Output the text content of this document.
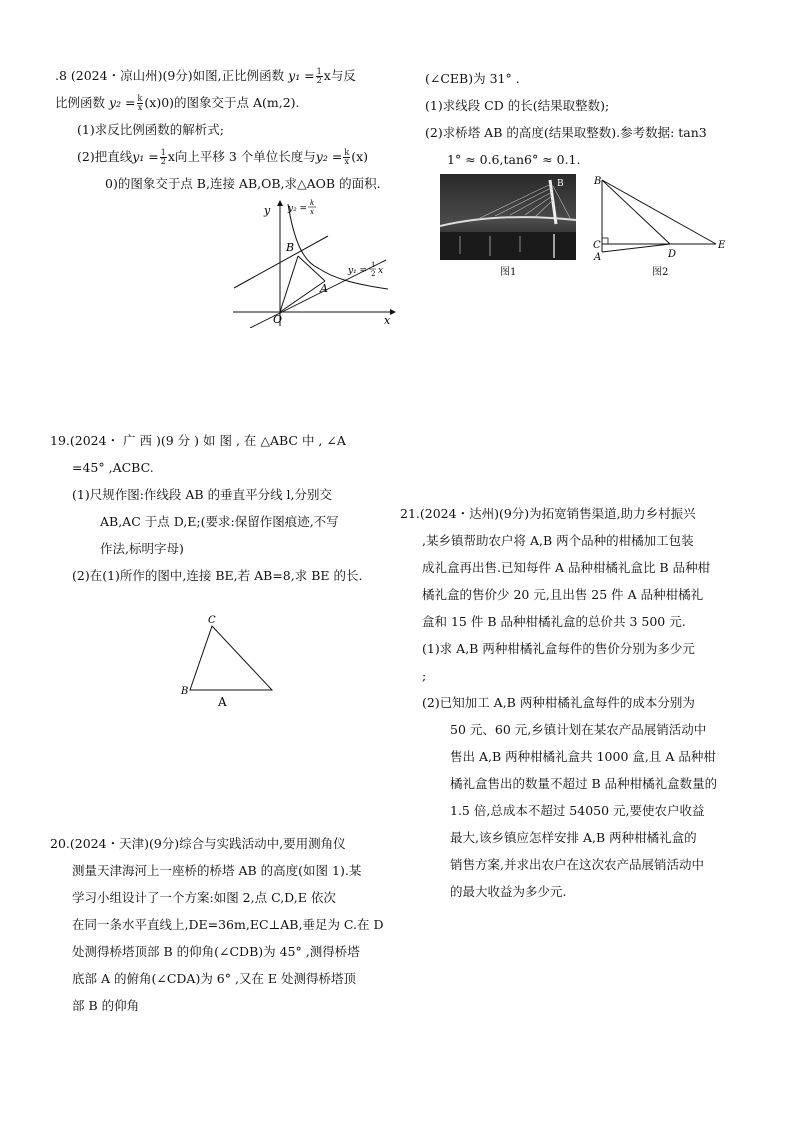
.8 (2024・凉山州)(9分)如图,正比例函数 $y_1 = \frac{1}{2}$ x与反
比例函数 $y_2 = \frac{k}{x} (x)0$)的图象交于点 A(m,2).
(1)求反比例函数的解析式;
(2)把直线$y_1 = \frac{1}{2}$ x向上平移 3 个单位长度与$y_2 = \frac{k}{x} (x)$
0)的图象交于点 B,连接 AB,OB,求△AOB 的面积.
y
x
O
B
A
y₂ =
k
x
y₁ =
1
2 x
(∠CEB)为 31° .
(1)求线段 CD 的长(结果取整数);
(2)求桥塔 AB 的高度(结果取整数).参考数据: tan3
1° ≈ 0.6,tan6° ≈ 0.1.
B
图1
B
C
A	D
E
图2
19.(2024・ 广 西 )(9 分 ) 如 图 , 在 △ABC 中 , ∠A
=45° ,ACBC.
(1)尺规作图:作线段 AB 的垂直平分线 l,分别交
AB,AC 于点 D,E;(要求:保留作图痕迹,不写
作法,标明字母)
(2)在(1)所作的图中,连接 BE,若 AB=8,求 BE 的长.
C
B
A
21.(2024・达州)(9分)为拓宽销售渠道,助力乡村振兴
,某乡镇帮助农户将 A,B 两个品种的柑橘加工包装
成礼盒再出售.已知每件 A 品种柑橘礼盒比 B 品种柑
橘礼盒的售价少 20 元,且出售 25 件 A 品种柑橘礼
盒和 15 件 B 品种柑橘礼盒的总价共 3 500 元.
(1)求 A,B 两种柑橘礼盒每件的售价分别为多少元
;
(2)已知加工 A,B 两种柑橘礼盒每件的成本分别为
50 元、60 元,乡镇计划在某农产品展销活动中
售出 A,B 两种柑橘礼盒共 1000 盒,且 A 品种柑
橘礼盒售出的数量不超过 B 品种柑橘礼盒数量的
1.5 倍,总成本不超过 54050 元,要使农户收益
最大,该乡镇应怎样安排 A,B 两种柑橘礼盒的
销售方案,并求出农户在这次农产品展销活动中
的最大收益为多少元.
20.(2024・天津)(9分)综合与实践活动中,要用测角仪
测量天津海河上一座桥的桥塔 AB 的高度(如图 1).某
学习小组设计了一个方案:如图 2,点 C,D,E 依次
在同一条水平直线上,DE=36m,EC⊥AB,垂足为 C.在 D
处测得桥塔顶部 B 的仰角(∠CDB)为 45° ,测得桥塔
底部 A 的俯角(∠CDA)为 6° ,又在 E 处测得桥塔顶
部 B 的仰角
